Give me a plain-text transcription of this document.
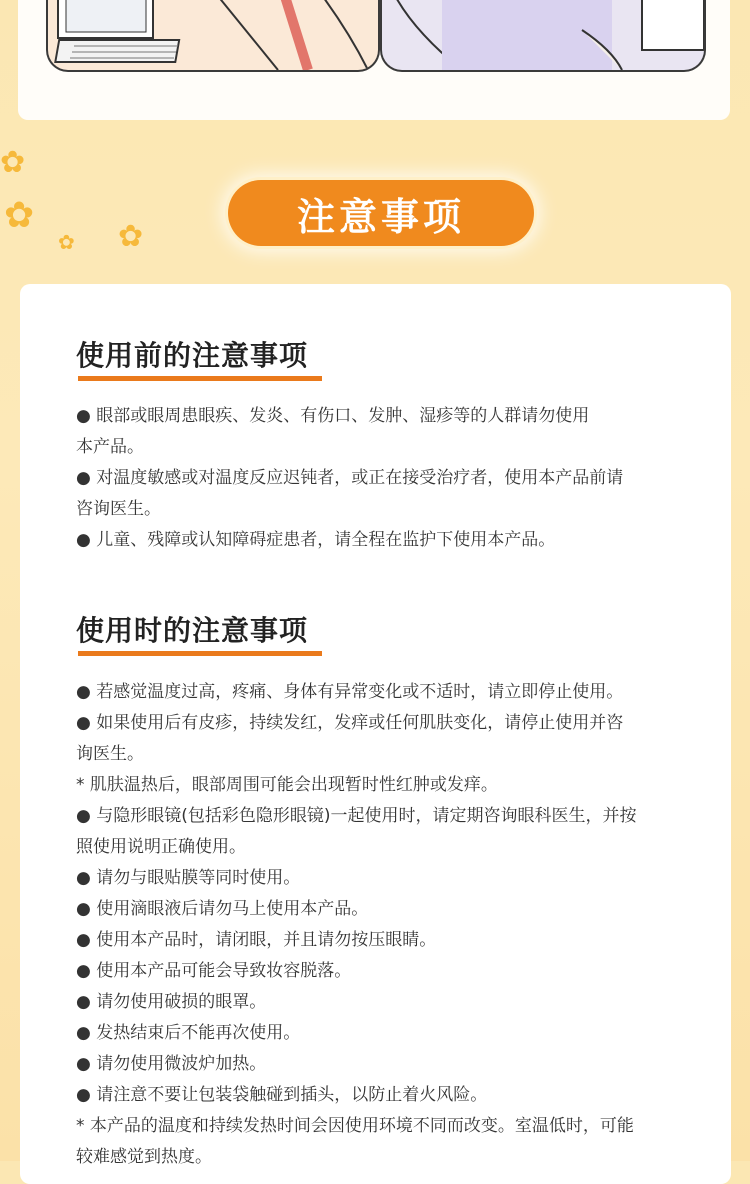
✿
✿
✿ ✿	注意事项
使用前的注意事项
● 眼部或眼周患眼疾、发炎、有伤口、发肿、湿疹等的人群请勿使用
本产品。
● 对温度敏感或对温度反应迟钝者，或正在接受治疗者，使用本产品前请
咨询医生。
● 儿童、残障或认知障碍症患者，请全程在监护下使用本产品。
使用时的注意事项
● 若感觉温度过高，疼痛、身体有异常变化或不适时，请立即停止使用。
● 如果使用后有皮疹，持续发红，发痒或任何肌肤变化，请停止使用并咨
询医生。
* 肌肤温热后，眼部周围可能会出现暂时性红肿或发痒。
● 与隐形眼镜(包括彩色隐形眼镜)一起使用时，请定期咨询眼科医生，并按
照使用说明正确使用。
● 请勿与眼贴膜等同时使用。
● 使用滴眼液后请勿马上使用本产品。
● 使用本产品时，请闭眼，并且请勿按压眼睛。
● 使用本产品可能会导致妆容脱落。
● 请勿使用破损的眼罩。
● 发热结束后不能再次使用。
● 请勿使用微波炉加热。
● 请注意不要让包装袋触碰到插头，以防止着火风险。
* 本产品的温度和持续发热时间会因使用环境不同而改变。室温低时，可能
较难感觉到热度。
